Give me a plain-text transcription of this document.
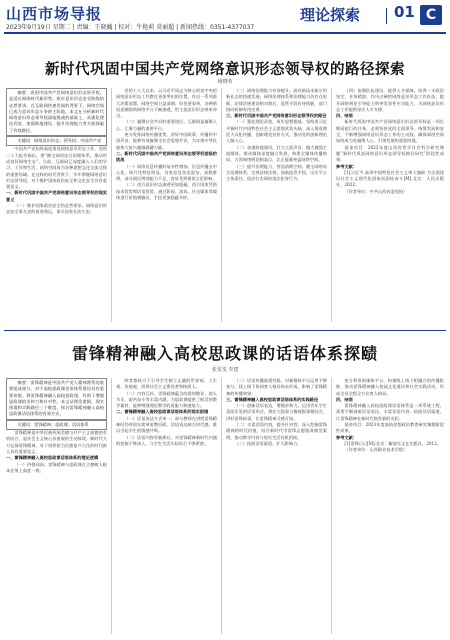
山西市场导报
2023年9月19日 星期二 | 责编：王晓巍 | 校对：牛艳莉 莫丽超 | 新闻热线：0351-4377037
理论探索 01 C
新时代巩固中国共产党网络意识形态领导权的路径探索
杨晓英

摘要：巩固中国共产党网络意识形态领导权，是适应网络时代新形势，筑牢意识形态安全防线的必然要求。在互联网快速发展的背景下，网络空间已成为意识形态斗争的主阵地。本文在分析新时代网络意识形态领导权面临挑战的基础上，从强化理论武装、加强阵地建设、提升治理能力等方面探索了有效路径。

关键词：网络意识形态；领导权；中国共产党

中国共产党始终高度重视网络意识形态工作。党的二十大报告指出，要“健全网络综合治理体系，推动形成良好网络生态”。当前，互联网已深度融入人们的学习、工作和生活，网络空间成为各种思想文化交流交锋的重要场域。在这样的时代背景下，牢牢掌握网络意识形态领导权，对于维护国家政治安全和文化安全具有重要意义。

一、新时代巩固中国共产党网络意识形态领导权的现实意义

（一）维护国家政治安全的必然要求。网络意识形态安全事关党的前途命运，事关国家长治久安。

党的十八大以来，以习近平同志为核心的党中央把网络意识形态工作摆在更加突出的位置，作出一系列重大决策部署，网络空间日益清朗。但也要看到，各种错误思潮借助网络平台不断渗透，给主流意识形态带来冲击。

（二）凝聚社会共识的重要途径。互联网是凝聚人心、汇聚力量的重要平台。

充分发挥网络传播优势，讲好中国故事，传播好中国声音，能够有效凝聚全社会思想共识，为实现中华民族伟大复兴凝聚磅礴力量。

二、新时代巩固中国共产党网络意识形态领导权面临的挑战

（一）网络信息传播的复杂性增加。信息传播去中心化、碎片化特征明显，各类信息鱼龙混杂，真假难辨，部分网民辨别能力不足，容易受到错误言论影响。

（二）西方意识形态渗透更加隐蔽。西方国家凭借技术优势和话语优势，通过影视、游戏、社交媒体等载体进行价值观输出，手段更加隐蔽多样。

（三）网络治理能力有待提升。面对新技术新应用新业态的快速发展，网络治理体系和治理能力仍存在短板，法律法规建设相对滞后，监管手段有待创新，部门协同机制有待完善。

三、新时代巩固中国共产党网络意识形态领导权的路径

（一）强化理论武装，筑牢思想根基。坚持用习近平新时代中国特色社会主义思想武装头脑，深入推进理论大众化传播，创新理论宣传方式，推动党的创新理论入脑入心。

（二）加强阵地建设，壮大主流声音。做大做强主流媒体，推动媒体深度融合发展，构建全媒体传播格局，占领网络舆论制高点，让正能量充盈网络空间。

（三）提升治理能力，营造清朗空间。健全网络综合治理体系，完善法律法规，创新监管手段，压实平台主体责任，依法打击网络违法犯罪行为。

（四）加强队伍建设，提供人才保障。培养一支政治坚定、业务精湛、作风过硬的网络意识形态工作队伍，提升网络舆论引导能力和突发事件应对能力，为网络意识形态工作提供坚实人才支撑。

四、结语

新时代巩固中国共产党网络意识形态领导权是一项长期而艰巨的任务，必须坚持党的全面领导，统筹发展和安全，不断增强网络意识形态工作的主动权，确保网络空间始终成为党凝聚人心、引领发展的重要阵地。

基金项目：2023年度山西省哲学社会科学研究课题“新时代巩固网络意识形态领导权路径研究”阶段性成果。

参考文献：

[1]习近平.高举中国特色社会主义伟大旗帜 为全面建设社会主义现代化国家而团结奋斗[M].北京：人民出版社，2022。

（作者单位：中共山西省委党校）

雷锋精神融入高校思政课的话语体系探赜
张雯雯 李建

摘要：雷锋精神是中国共产党人精神谱系的重要组成部分，对于高校思政课话语体系建设具有重要价值。将雷锋精神融入高校思政课，有助于增强思政课的亲和力和针对性。本文从理论逻辑、现实困境和实践路径三个维度，探讨雷锋精神融入高校思政课话语体系的有效方式。

关键词：雷锋精神；思政课；话语体系

雷锋精神是中华民族传统美德与共产主义道德的有机结合，是社会主义核心价值观的生动体现。新时代大力弘扬雷锋精神，对于培养担当民族复兴大任的时代新人具有重要意义。

一、雷锋精神融入高校思政课话语体系的理论逻辑

（一）价值同向。雷锋精神与思政课在立德树人根本任务上高度一致。

两者都致力于引导学生树立正确的世界观、人生观、价值观，培养社会主义建设者和接班人。

（二）内容互补。雷锋精神蕴含的爱岗敬业、助人为乐、艰苦奋斗等丰富内涵，为思政课提供了鲜活的教学素材，能够增强理论教学的说服力和感染力。

二、雷锋精神融入高校思政课话语体系的现实困境

（一）话语表达方式单一。部分教师在讲授雷锋精神时仍停留在简单说教层面，话语表达缺乏时代感，难以引起学生的情感共鸣。

（二）话语内容更新滞后。对雷锋精神新时代内涵的挖掘不够深入，与学生生活实际结合不够紧密。

（三）话语传播渠道有限。对新媒体平台运用不够充分，线上线下协同育人格局尚未形成，影响了雷锋精神的传播效果。

三、雷锋精神融入高校思政课话语体系的实践路径

（一）创新话语表达，增强亲和力。运用青年学生喜闻乐见的话语形式，将宏大叙事与微观叙事相结合，讲好雷锋故事，让雷锋精神可感可知。

（二）丰富话语内容，提升针对性。深入挖掘雷锋精神的时代价值，结合新时代学雷锋志愿服务典型案例，推动教学内容与现实生活有机衔接。

（三）拓展话语渠道，扩大影响力。

充分利用新媒体平台，构建线上线下相融合的传播矩阵，推动雷锋精神融入校园文化建设和社会实践活动，形成全员全程全方位育人格局。

四、结语

雷锋精神融入高校思政课话语体系是一项系统工程，需要不断创新话语表达、丰富话语内容、拓展话语渠道，让雷锋精神在新时代焕发新的光彩。

基金项目：2023年度高校思想政治教育研究课题阶段性成果。

参考文献：

[1]雷锋日记[M].北京：解放军文艺出版社，2012。

（作者单位：山西职业技术学院）
